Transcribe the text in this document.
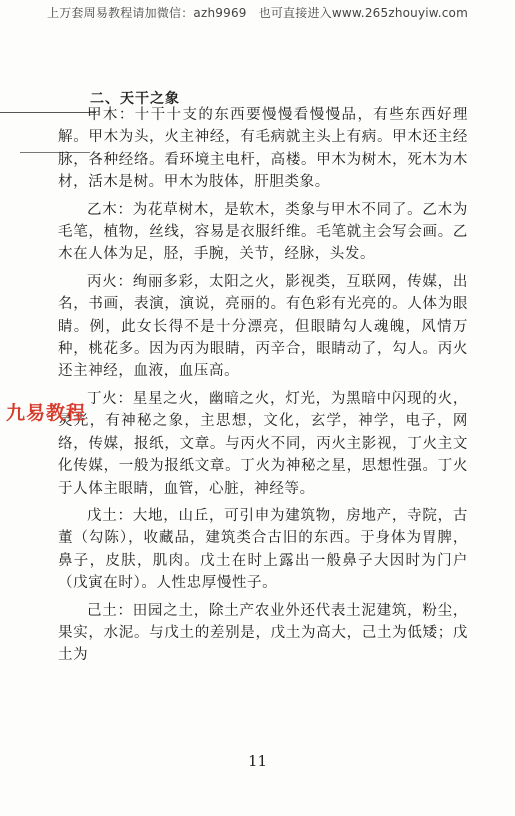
上万套周易教程请加微信：azh9969 也可直接进入www.265zhouyiw.com
二、天干之象

甲木：十干十支的东西要慢慢看慢慢品，有些东西好理解。甲木为头，火主神经，有毛病就主头上有病。甲木还主经脉，各种经络。看环境主电杆，高楼。甲木为树木，死木为木材，活木是树。甲木为肢体，肝胆类象。

乙木：为花草树木，是软木，类象与甲木不同了。乙木为毛笔，植物，丝线，容易是衣服纤维。毛笔就主会写会画。乙木在人体为足，胫，手腕，关节，经脉，头发。

丙火：绚丽多彩，太阳之火，影视类，互联网，传媒，出名，书画，表演，演说，亮丽的。有色彩有光亮的。人体为眼睛。例，此女长得不是十分漂亮，但眼睛勾人魂魄，风情万种，桃花多。因为丙为眼睛，丙辛合，眼睛动了，勾人。丙火还主神经，血液，血压高。

丁火：星星之火，幽暗之火，灯光，为黑暗中闪现的火，灵光，有神秘之象，主思想，文化，玄学，神学，电子，网络，传媒，报纸，文章。与丙火不同，丙火主影视，丁火主文化传媒，一般为报纸文章。丁火为神秘之星，思想性强。丁火于人体主眼睛，血管，心脏，神经等。

戊土：大地，山丘，可引申为建筑物，房地产，寺院，古董（勾陈），收藏品，建筑类合古旧的东西。于身体为胃脾，鼻子，皮肤，肌肉。戊土在时上露出一般鼻子大因时为门户（戊寅在时）。人性忠厚慢性子。

己土：田园之土，除土产农业外还代表土泥建筑，粉尘，果实，水泥。与戊土的差别是，戊土为高大，己土为低矮；戊土为

九易教程
11
